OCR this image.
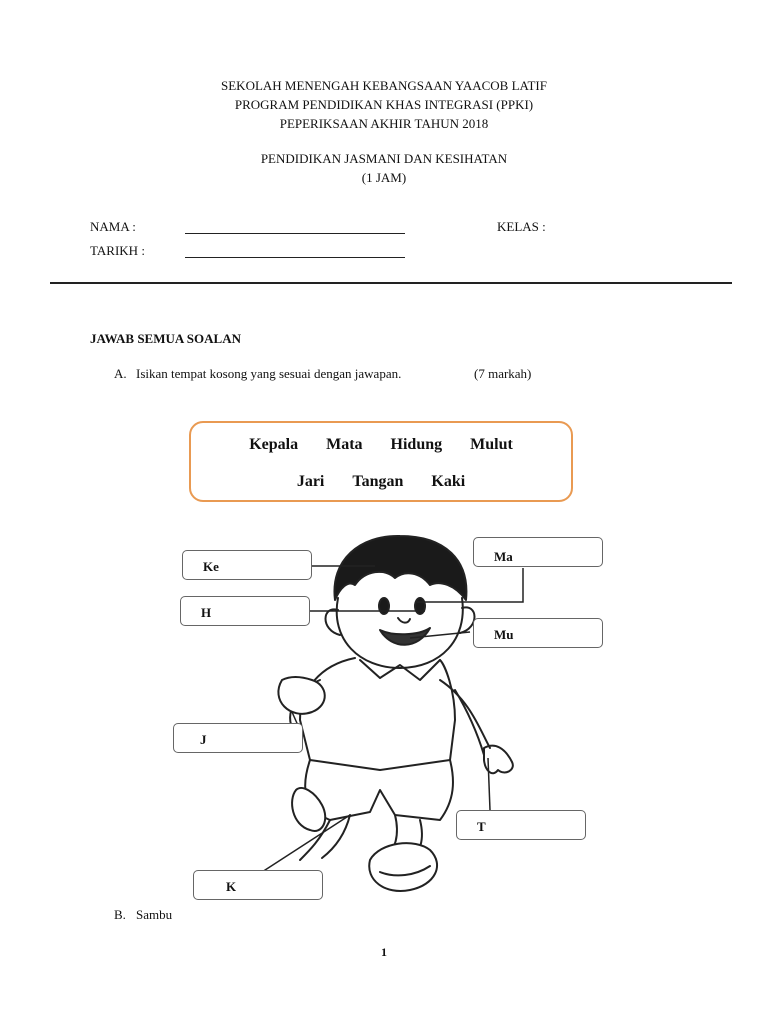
SEKOLAH MENENGAH KEBANGSAAN YAACOB LATIF
PROGRAM PENDIDIKAN KHAS INTEGRASI (PPKI)
PEPERIKSAAN AKHIR TAHUN 2018
PENDIDIKAN JASMANI DAN KESIHATAN
(1 JAM)
NAMA :	KELAS :
TARIKH :
JAWAB SEMUA SOALAN
A. Isikan tempat kosong yang sesuai dengan jawapan.	(7 markah)
Kepala Mata Hidung Mulut
Jari Tangan Kaki
Ke
H
Ma
Mu
J
T
K
B. Sambu
1
